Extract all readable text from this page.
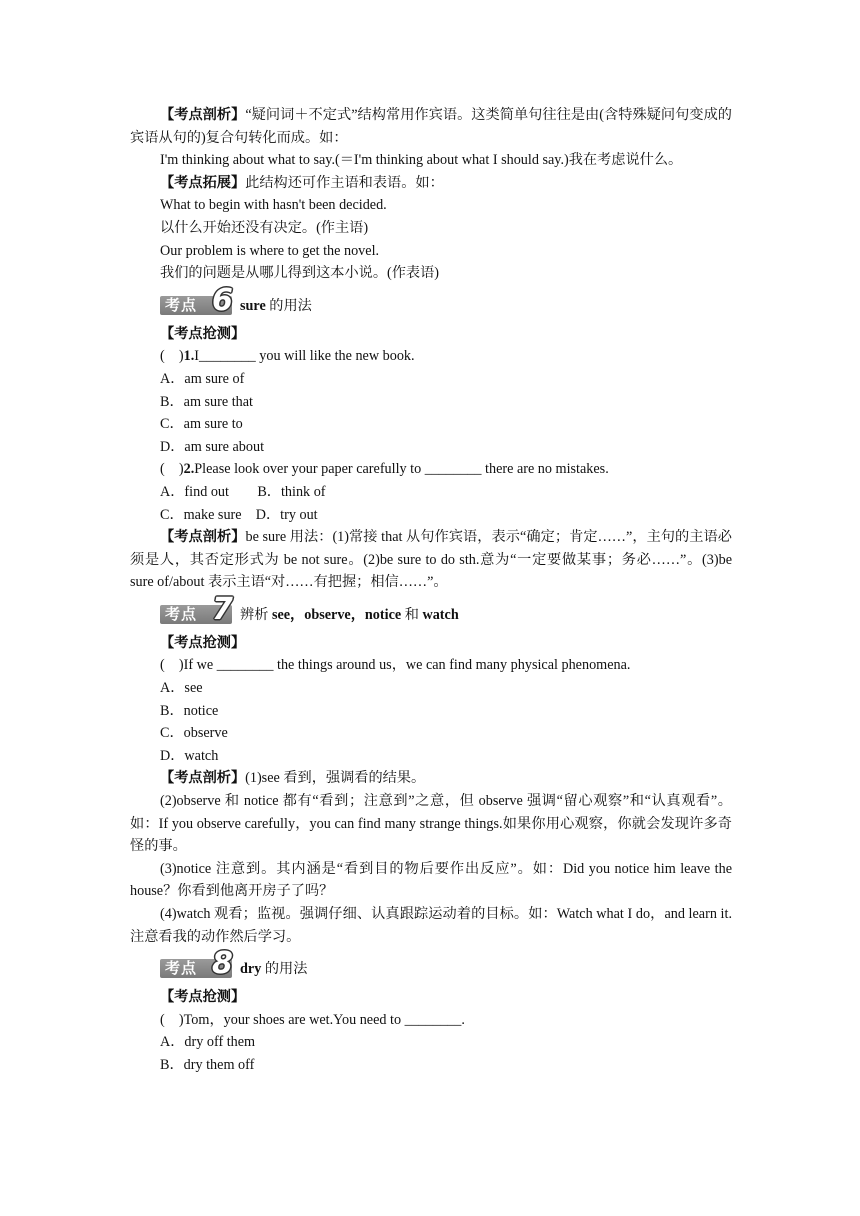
【考点剖析】“疑问词＋不定式”结构常用作宾语。这类简单句往往是由(含特殊疑问句变成的宾语从句的)复合句转化而成。如：

I'm thinking about what to say.(＝I'm thinking about what I should say.)我在考虑说什么。

【考点拓展】此结构还可作主语和表语。如：

What to begin with hasn't been decided.

以什么开始还没有决定。(作主语)

Our problem is where to get the novel.

我们的问题是从哪儿得到这本小说。(作表语)

考点 6 sure 的用法

【考点抢测】

(　)1.I________ you will like the new book.

A．am sure of

B．am sure that

C．am sure to

D．am sure about

(　)2.Please look over your paper carefully to ________ there are no mistakes.

A．find out　　B．think of

C．make sure　D．try out

【考点剖析】be sure 用法：(1)常接 that 从句作宾语，表示“确定；肯定……”，主句的主语必须是人，其否定形式为 be not sure。(2)be sure to do sth.意为“一定要做某事；务必……”。(3)be sure of/about 表示主语“对……有把握；相信……”。

考点 7 辨析 see，observe，notice 和 watch

【考点抢测】

(　)If we ________ the things around us，we can find many physical phenomena.

A．see

B．notice

C．observe

D．watch

【考点剖析】(1)see 看到，强调看的结果。

(2)observe 和 notice 都有“看到；注意到”之意，但 observe 强调“留心观察”和“认真观看”。如：If you observe carefully，you can find many strange things.如果你用心观察，你就会发现许多奇怪的事。

(3)notice 注意到。其内涵是“看到目的物后要作出反应”。如：Did you notice him leave the house？你看到他离开房子了吗？

(4)watch 观看；监视。强调仔细、认真跟踪运动着的目标。如：Watch what I do，and learn it.注意看我的动作然后学习。

考点 8 dry 的用法

【考点抢测】

(　)Tom，your shoes are wet.You need to ________.

A．dry off them

B．dry them off
